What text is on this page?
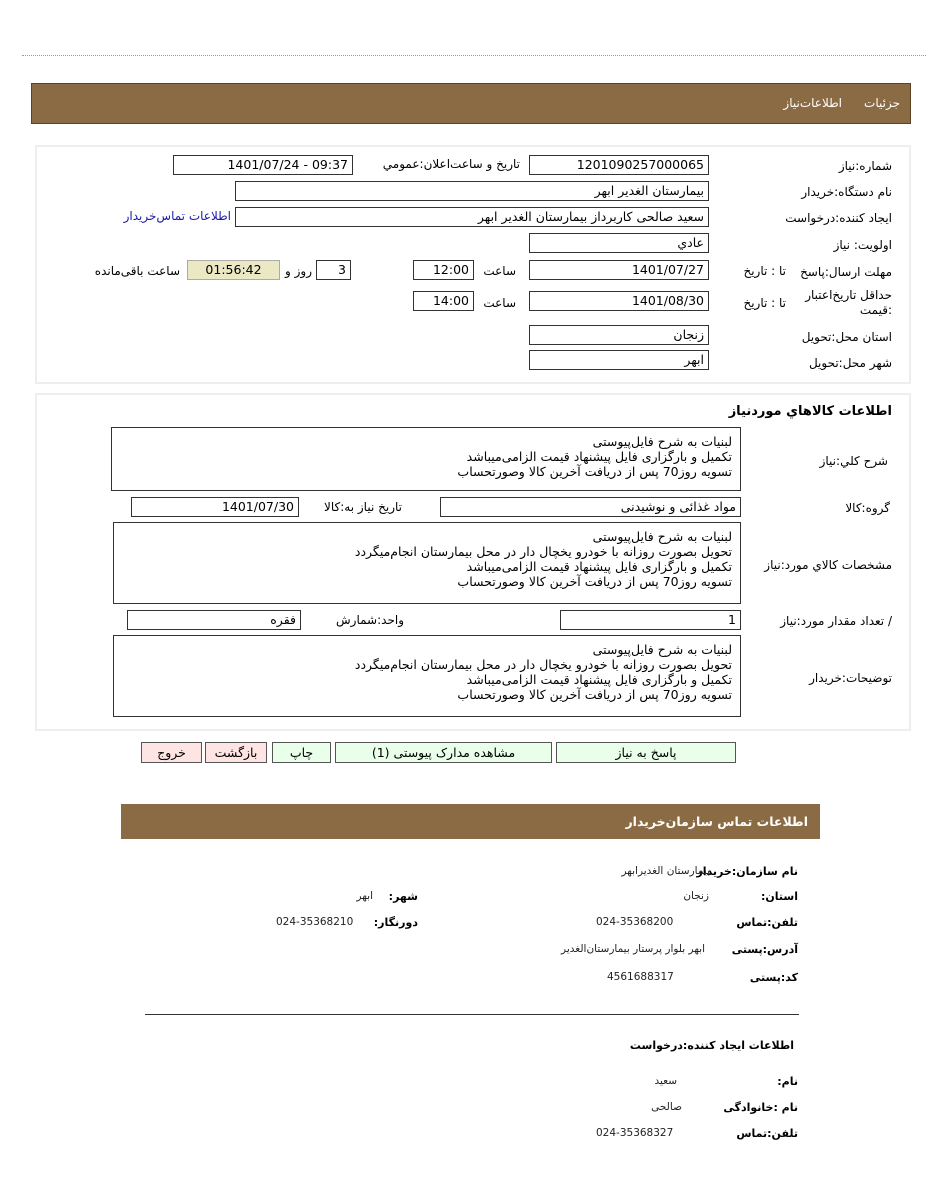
اطلاعات‌نیاز جزئیات
شماره‌:نیاز
1201090257000065
تاریخ و ساعت‌اعلان:عمومي
1401/07/24 - 09:37
نام دستگاه:خریدار
بیمارستان الغدیر ابهر
ایجاد کننده‌:درخواست
سعید صالحی کاربرداز بیمارستان الغدیر ابهر
اطلاعات تماس‌خریدار
اولویت: نیاز
عادي
مهلت ارسال:پاسخ
تا : تاریخ
1401/07/27
ساعت
12:00
3
روز و
01:56:42
ساعت باقی‌مانده
حداقل تاریخ‌اعتبار :قیمت
تا : تاریخ
1401/08/30
ساعت
14:00
استان محل:تحویل
زنجان
شهر محل:تحویل
ابهر
اطلاعات کالاهاي موردنیاز
شرح کلي:نیاز
لبنیات به شرح فایل‌پیوستی
تکمیل و بارگزاری فایل پیشنهاد قیمت الزامی‌میباشد
تسویه روز70 پس از دریافت آخرین کالا وصورتحساب
گروه:کالا
مواد غذائی و نوشیدنی
تاریخ نیاز به:کالا
1401/07/30
مشخصات کالاي مورد:نیاز
لبنیات به شرح فایل‌پیوستی
تحویل بصورت روزانه با خودرو یخچال دار در محل بیمارستان انجام‌میگردد
تکمیل و بارگزاری فایل پیشنهاد قیمت الزامی‌میباشد
تسویه روز70 پس از دریافت آخرین کالا وصورتحساب
/ تعداد مقدار مورد:نیاز
1
واحد:شمارش
فقره
توضیحات:خریدار
لبنیات به شرح فایل‌پیوستی
تحویل بصورت روزانه با خودرو یخچال دار در محل بیمارستان انجام‌میگردد
تکمیل و بارگزاری فایل پیشنهاد قیمت الزامی‌میباشد
تسویه روز70 پس از دریافت آخرین کالا وصورتحساب
پاسخ به نیاز
مشاهده مدارک پیوستی (1)
چاپ
بازگشت
خروج
اطلاعات تماس سازمان‌خریدار
نام سازمان:خریدار
بیمارستان الغدیرابهر
استان:
زنجان
شهر:
ابهر
تلفن:تماس
024-35368200
دورنگار:
024-35368210
آدرس:پستی
ابهر بلوار پرستار بیمارستان‌الغدیر
کد:پستی
4561688317
اطلاعات ایجاد کننده:درخواست
نام:
سعید
نام :خانوادگی
صالحی
تلفن:تماس
024-35368327
